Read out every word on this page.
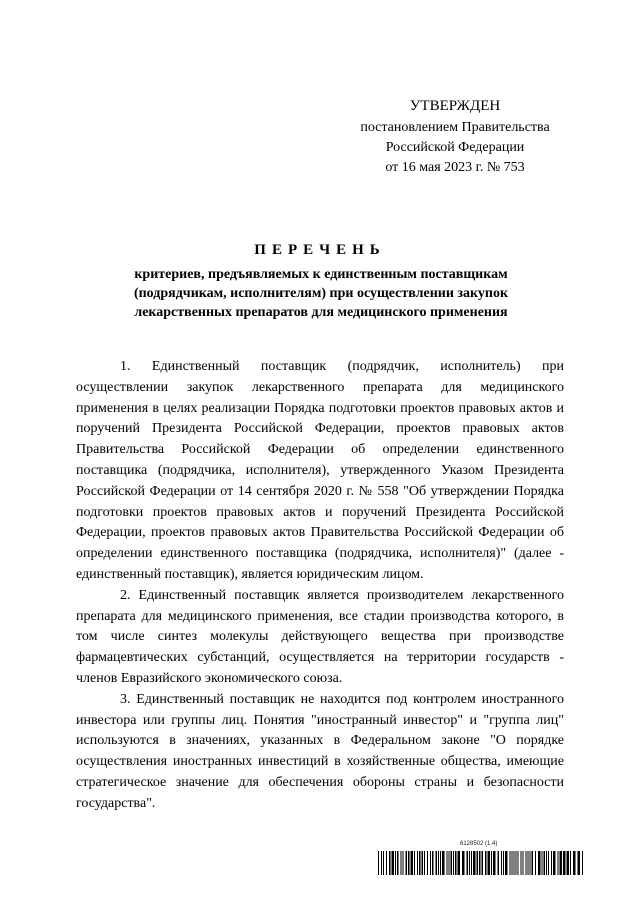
УТВЕРЖДЕН
постановлением Правительства
Российской Федерации
от 16 мая 2023 г. № 753
ПЕРЕЧЕНЬ
критериев, предъявляемых к единственным поставщикам
(подрядчикам, исполнителям) при осуществлении закупок
лекарственных препаратов для медицинского применения

1. Единственный поставщик (подрядчик, исполнитель) при осуществлении закупок лекарственного препарата для медицинского применения в целях реализации Порядка подготовки проектов правовых актов и поручений Президента Российской Федерации, проектов правовых актов Правительства Российской Федерации об определении единственного поставщика (подрядчика, исполнителя), утвержденного Указом Президента Российской Федерации от 14 сентября 2020 г. № 558 "Об утверждении Порядка подготовки проектов правовых актов и поручений Президента Российской Федерации, проектов правовых актов Правительства Российской Федерации об определении единственного поставщика (подрядчика, исполнителя)" (далее - единственный поставщик), является юридическим лицом.

2. Единственный поставщик является производителем лекарственного препарата для медицинского применения, все стадии производства которого, в том числе синтез молекулы действующего вещества при производстве фармацевтических субстанций, осуществляется на территории государств - членов Евразийского экономического союза.

3. Единственный поставщик не находится под контролем иностранного инвестора или группы лиц. Понятия "иностранный инвестор" и "группа лиц" используются в значениях, указанных в Федеральном законе "О порядке осуществления иностранных инвестиций в хозяйственные общества, имеющие стратегическое значение для обеспечения обороны страны и безопасности государства".

6128502 (1.4)
